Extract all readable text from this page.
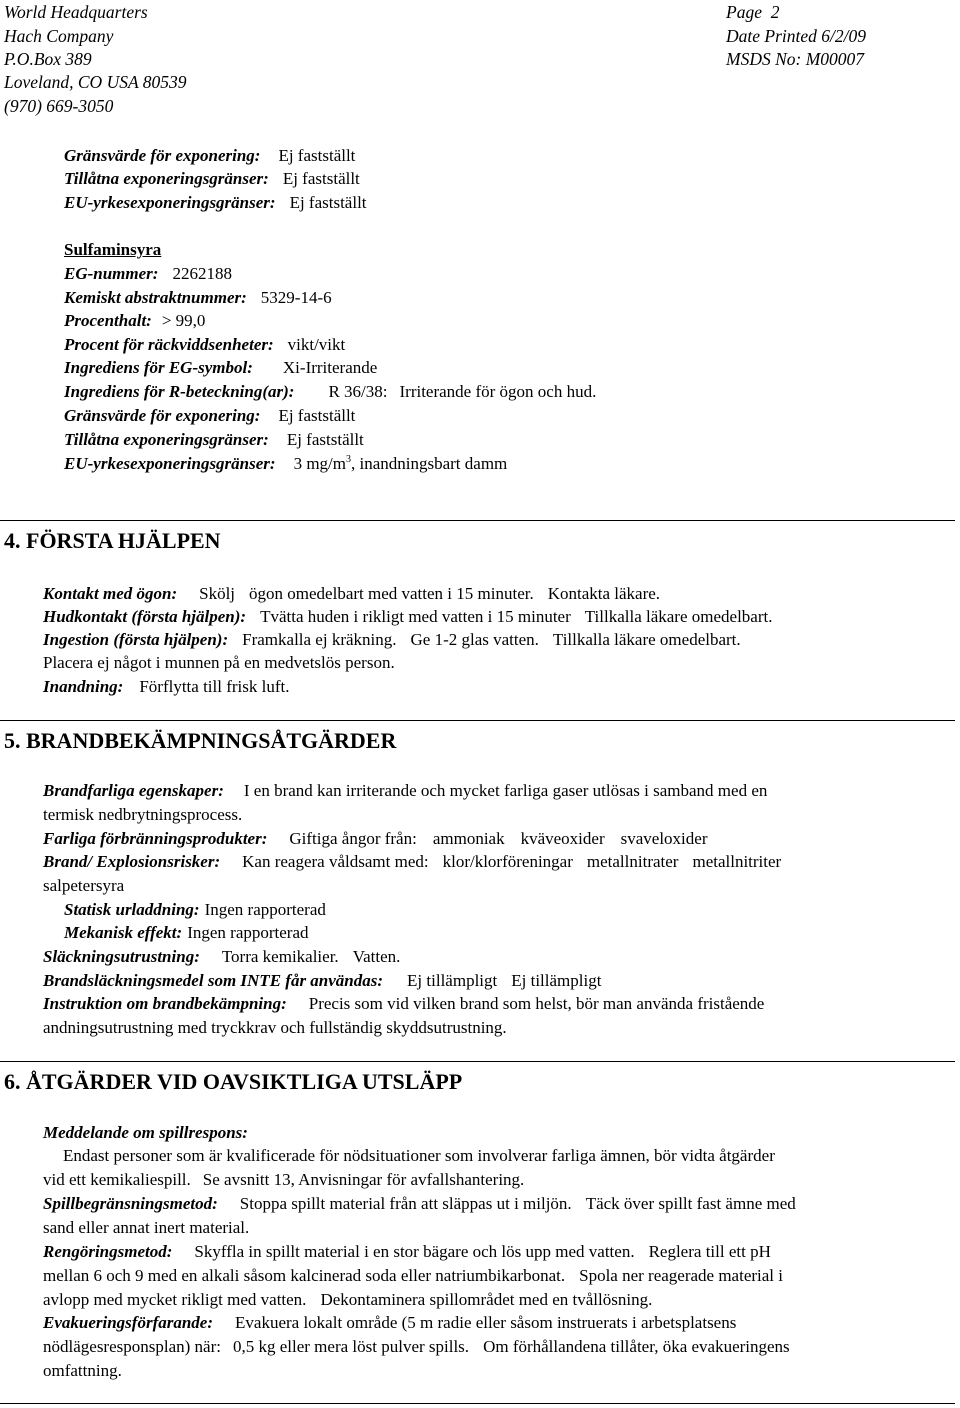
World Headquarters
Hach Company
P.O.Box 389
Loveland, CO USA 80539
(970) 669-3050
Page  2
Date Printed 6/2/09
MSDS No: M00007
Gränsvärde för exponering: Ej fastställt
Tillåtna exponeringsgränser: Ej fastställt
EU-yrkesexponeringsgränser: Ej fastställt
Sulfaminsyra
EG-nummer: 2262188
Kemiskt abstraktnummer: 5329-14-6
Procenthalt: > 99,0
Procent för räckviddsenheter: vikt/vikt
Ingrediens för EG-symbol: Xi-Irriterande
Ingrediens för R-beteckning(ar): R 36/38: Irriterande för ögon och hud.
Gränsvärde för exponering: Ej fastställt
Tillåtna exponeringsgränser: Ej fastställt
EU-yrkesexponeringsgränser: 3 $mg/m^3$, inandningsbart damm
4. FÖRSTA HJÄLPEN
Kontakt med ögon: Skölj ögon omedelbart med vatten i 15 minuter. Kontakta läkare.
Hudkontakt (första hjälpen): Tvätta huden i rikligt med vatten i 15 minuter Tillkalla läkare omedelbart.
Ingestion (första hjälpen): Framkalla ej kräkning. Ge 1-2 glas vatten. Tillkalla läkare omedelbart.
Placera ej något i munnen på en medvetslös person.
Inandning: Förflytta till frisk luft.
5. BRANDBEKÄMPNINGSÅTGÄRDER
Brandfarliga egenskaper: I en brand kan irriterande och mycket farliga gaser utlösas i samband med en
termisk nedbrytningsprocess.
Farliga förbränningsprodukter: Giftiga ångor från: ammoniak kväveoxider svaveloxider
Brand/ Explosionsrisker: Kan reagera våldsamt med: klor/klorföreningar metallnitrater metallnitriter
salpetersyra
Statisk urladdning: Ingen rapporterad
Mekanisk effekt: Ingen rapporterad
Släckningsutrustning: Torra kemikalier. Vatten.
Brandsläckningsmedel som INTE får användas: Ej tillämpligt Ej tillämpligt
Instruktion om brandbekämpning: Precis som vid vilken brand som helst, bör man använda fristående
andningsutrustning med tryckkrav och fullständig skyddsutrustning.
6. ÅTGÄRDER VID OAVSIKTLIGA UTSLÄPP
Meddelande om spillrespons:
Endast personer som är kvalificerade för nödsituationer som involverar farliga ämnen, bör vidta åtgärder
vid ett kemikaliespill. Se avsnitt 13, Anvisningar för avfallshantering.
Spillbegränsningsmetod: Stoppa spillt material från att släppas ut i miljön. Täck över spillt fast ämne med
sand eller annat inert material.
Rengöringsmetod: Skyffla in spillt material i en stor bägare och lös upp med vatten. Reglera till ett pH
mellan 6 och 9 med en alkali såsom kalcinerad soda eller natriumbikarbonat. Spola ner reagerade material i
avlopp med mycket rikligt med vatten. Dekontaminera spillområdet med en tvållösning.
Evakueringsförfarande: Evakuera lokalt område (5 m radie eller såsom instruerats i arbetsplatsens
nödlägesresponsplan) när: 0,5 kg eller mera löst pulver spills. Om förhållandena tillåter, öka evakueringens
omfattning.
